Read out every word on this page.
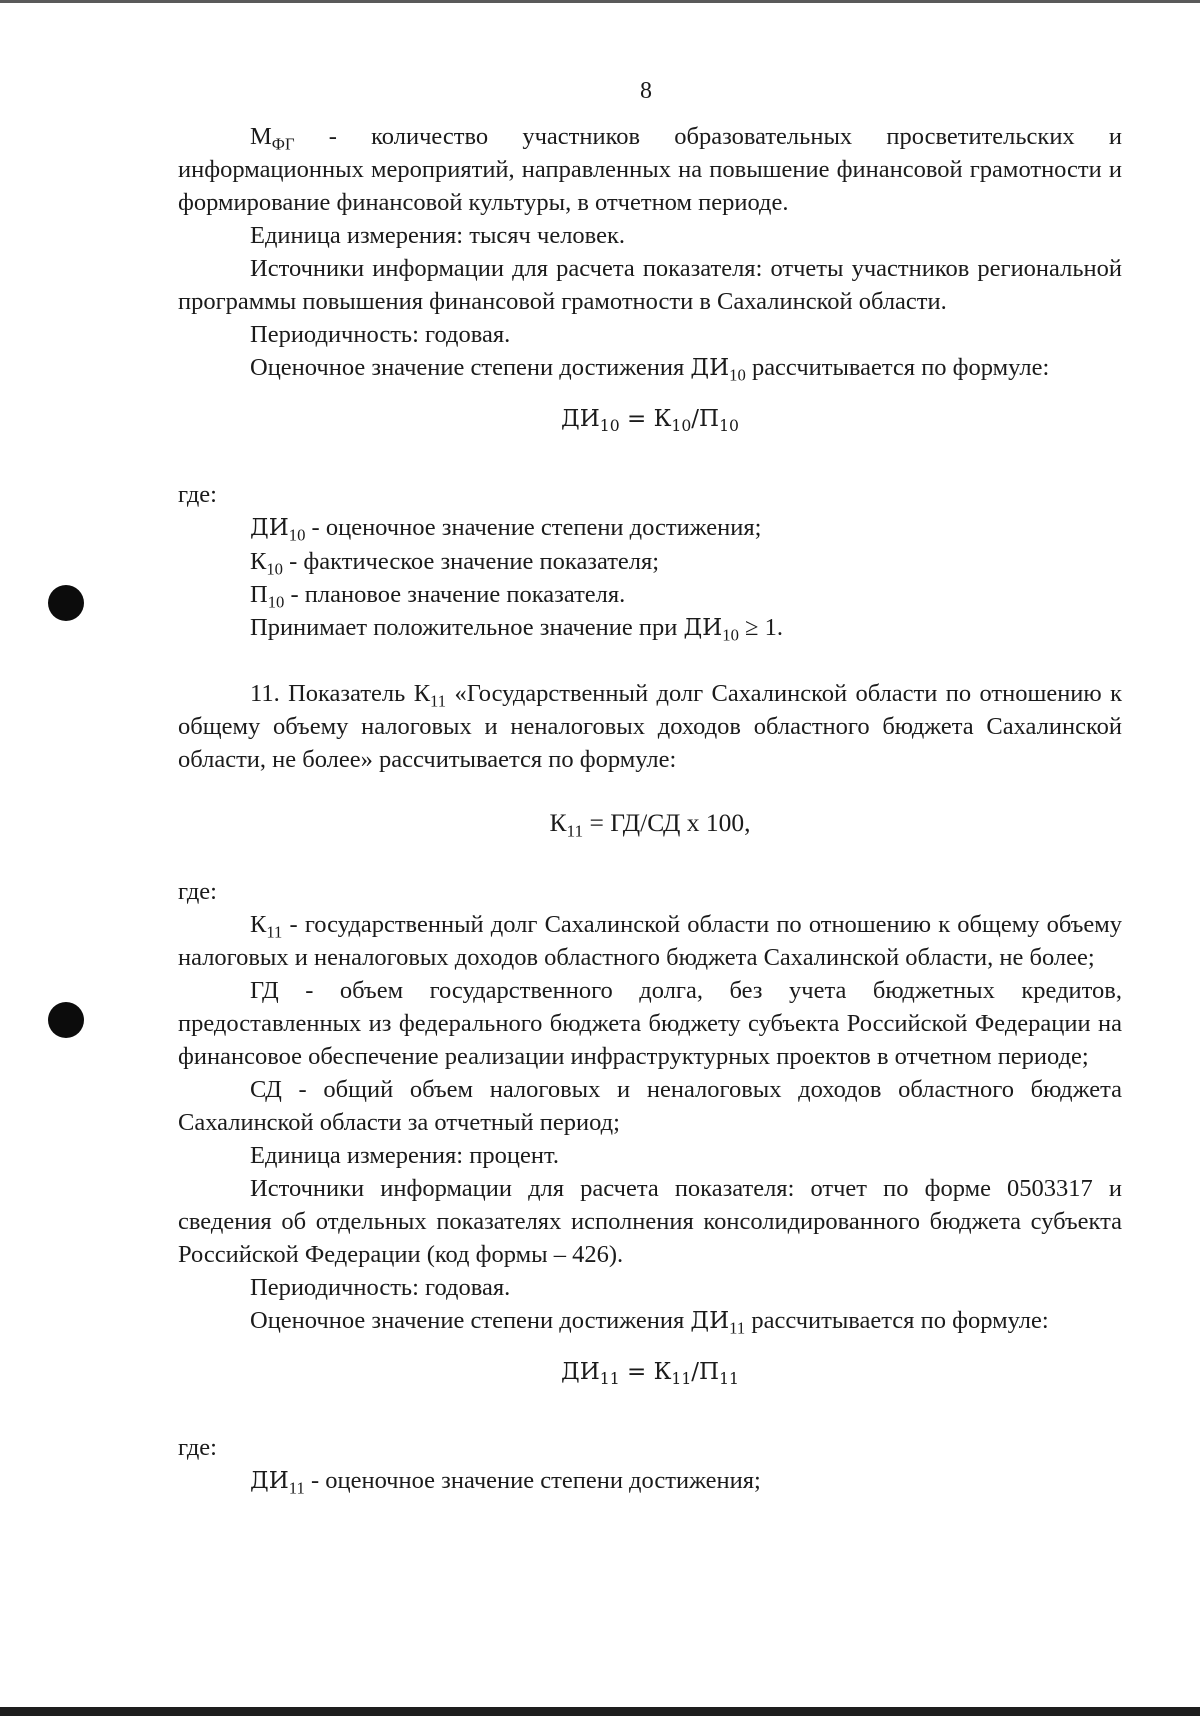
8

$М_{ФГ}$ - количество участников образовательных просветительских и информационных мероприятий, направленных на повышение финансовой грамотности и формирование финансовой культуры, в отчетном периоде.

Единица измерения: тысяч человек.

Источники информации для расчета показателя: отчеты участников региональной программы повышения финансовой грамотности в Сахалинской области.

Периодичность: годовая.

Оценочное значение степени достижения $ДИ_{10}$ рассчитывается по формуле:

$ДИ_{10} = К_{10}/П_{10}$

где:

$ДИ_{10}$ - оценочное значение степени достижения;

$К_{10}$ - фактическое значение показателя;

$П_{10}$ - плановое значение показателя.

Принимает положительное значение при $ДИ_{10} \ge 1$.

11. Показатель $К_{11}$ «Государственный долг Сахалинской области по отношению к общему объему налоговых и неналоговых доходов областного бюджета Сахалинской области, не более» рассчитывается по формуле:

$К_{11} = ГД/СД$ х 100,

где:

$К_{11}$ - государственный долг Сахалинской области по отношению к общему объему налоговых и неналоговых доходов областного бюджета Сахалинской области, не более;

ГД - объем государственного долга, без учета бюджетных кредитов, предоставленных из федерального бюджета бюджету субъекта Российской Федерации на финансовое обеспечение реализации инфраструктурных проектов в отчетном периоде;

СД - общий объем налоговых и неналоговых доходов областного бюджета Сахалинской области за отчетный период;

Единица измерения: процент.

Источники информации для расчета показателя: отчет по форме 0503317 и сведения об отдельных показателях исполнения консолидированного бюджета субъекта Российской Федерации (код формы – 426).

Периодичность: годовая.

Оценочное значение степени достижения $ДИ_{11}$ рассчитывается по формуле:

$ДИ_{11} = К_{11}/П_{11}$

где:

$ДИ_{11}$ - оценочное значение степени достижения;
